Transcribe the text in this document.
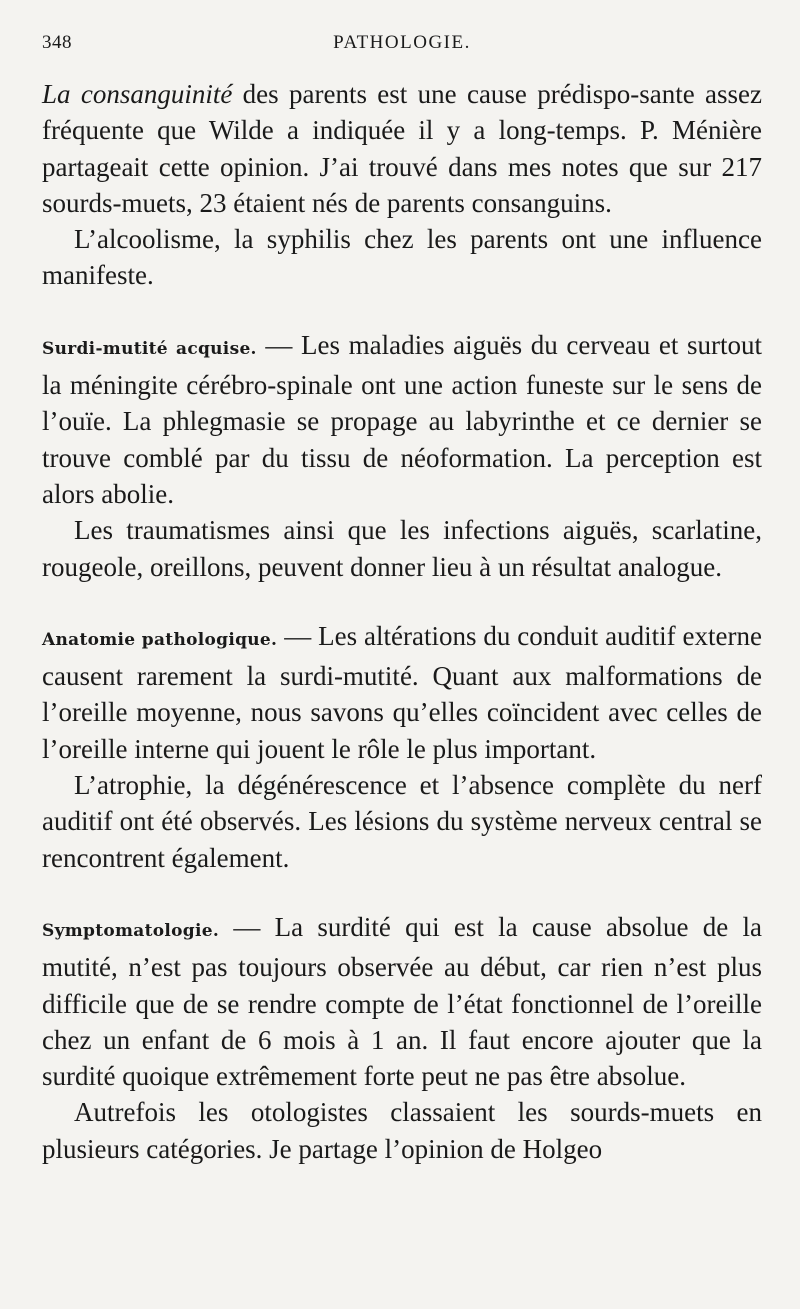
348	PATHOLOGIE.

La consanguinité des parents est une cause prédispo-sante assez fréquente que Wilde a indiquée il y a long-temps. P. Ménière partageait cette opinion. J’ai trouvé dans mes notes que sur 217 sourds-muets, 23 étaient nés de parents consanguins.

L’alcoolisme, la syphilis chez les parents ont une influence manifeste.

Surdi-mutité acquise. — Les maladies aiguës du cerveau et surtout la méningite cérébro-spinale ont une action funeste sur le sens de l’ouïe. La phlegmasie se propage au labyrinthe et ce dernier se trouve comblé par du tissu de néoformation. La perception est alors abolie.

Les traumatismes ainsi que les infections aiguës, scarlatine, rougeole, oreillons, peuvent donner lieu à un résultat analogue.

Anatomie pathologique. — Les altérations du conduit auditif externe causent rarement la surdi-mutité. Quant aux malformations de l’oreille moyenne, nous savons qu’elles coïncident avec celles de l’oreille interne qui jouent le rôle le plus important.

L’atrophie, la dégénérescence et l’absence complète du nerf auditif ont été observés. Les lésions du système nerveux central se rencontrent également.

Symptomatologie. — La surdité qui est la cause absolue de la mutité, n’est pas toujours observée au début, car rien n’est plus difficile que de se rendre compte de l’état fonctionnel de l’oreille chez un enfant de 6 mois à 1 an. Il faut encore ajouter que la surdité quoique extrêmement forte peut ne pas être absolue.

Autrefois les otologistes classaient les sourds-muets en plusieurs catégories. Je partage l’opinion de Holgeo
